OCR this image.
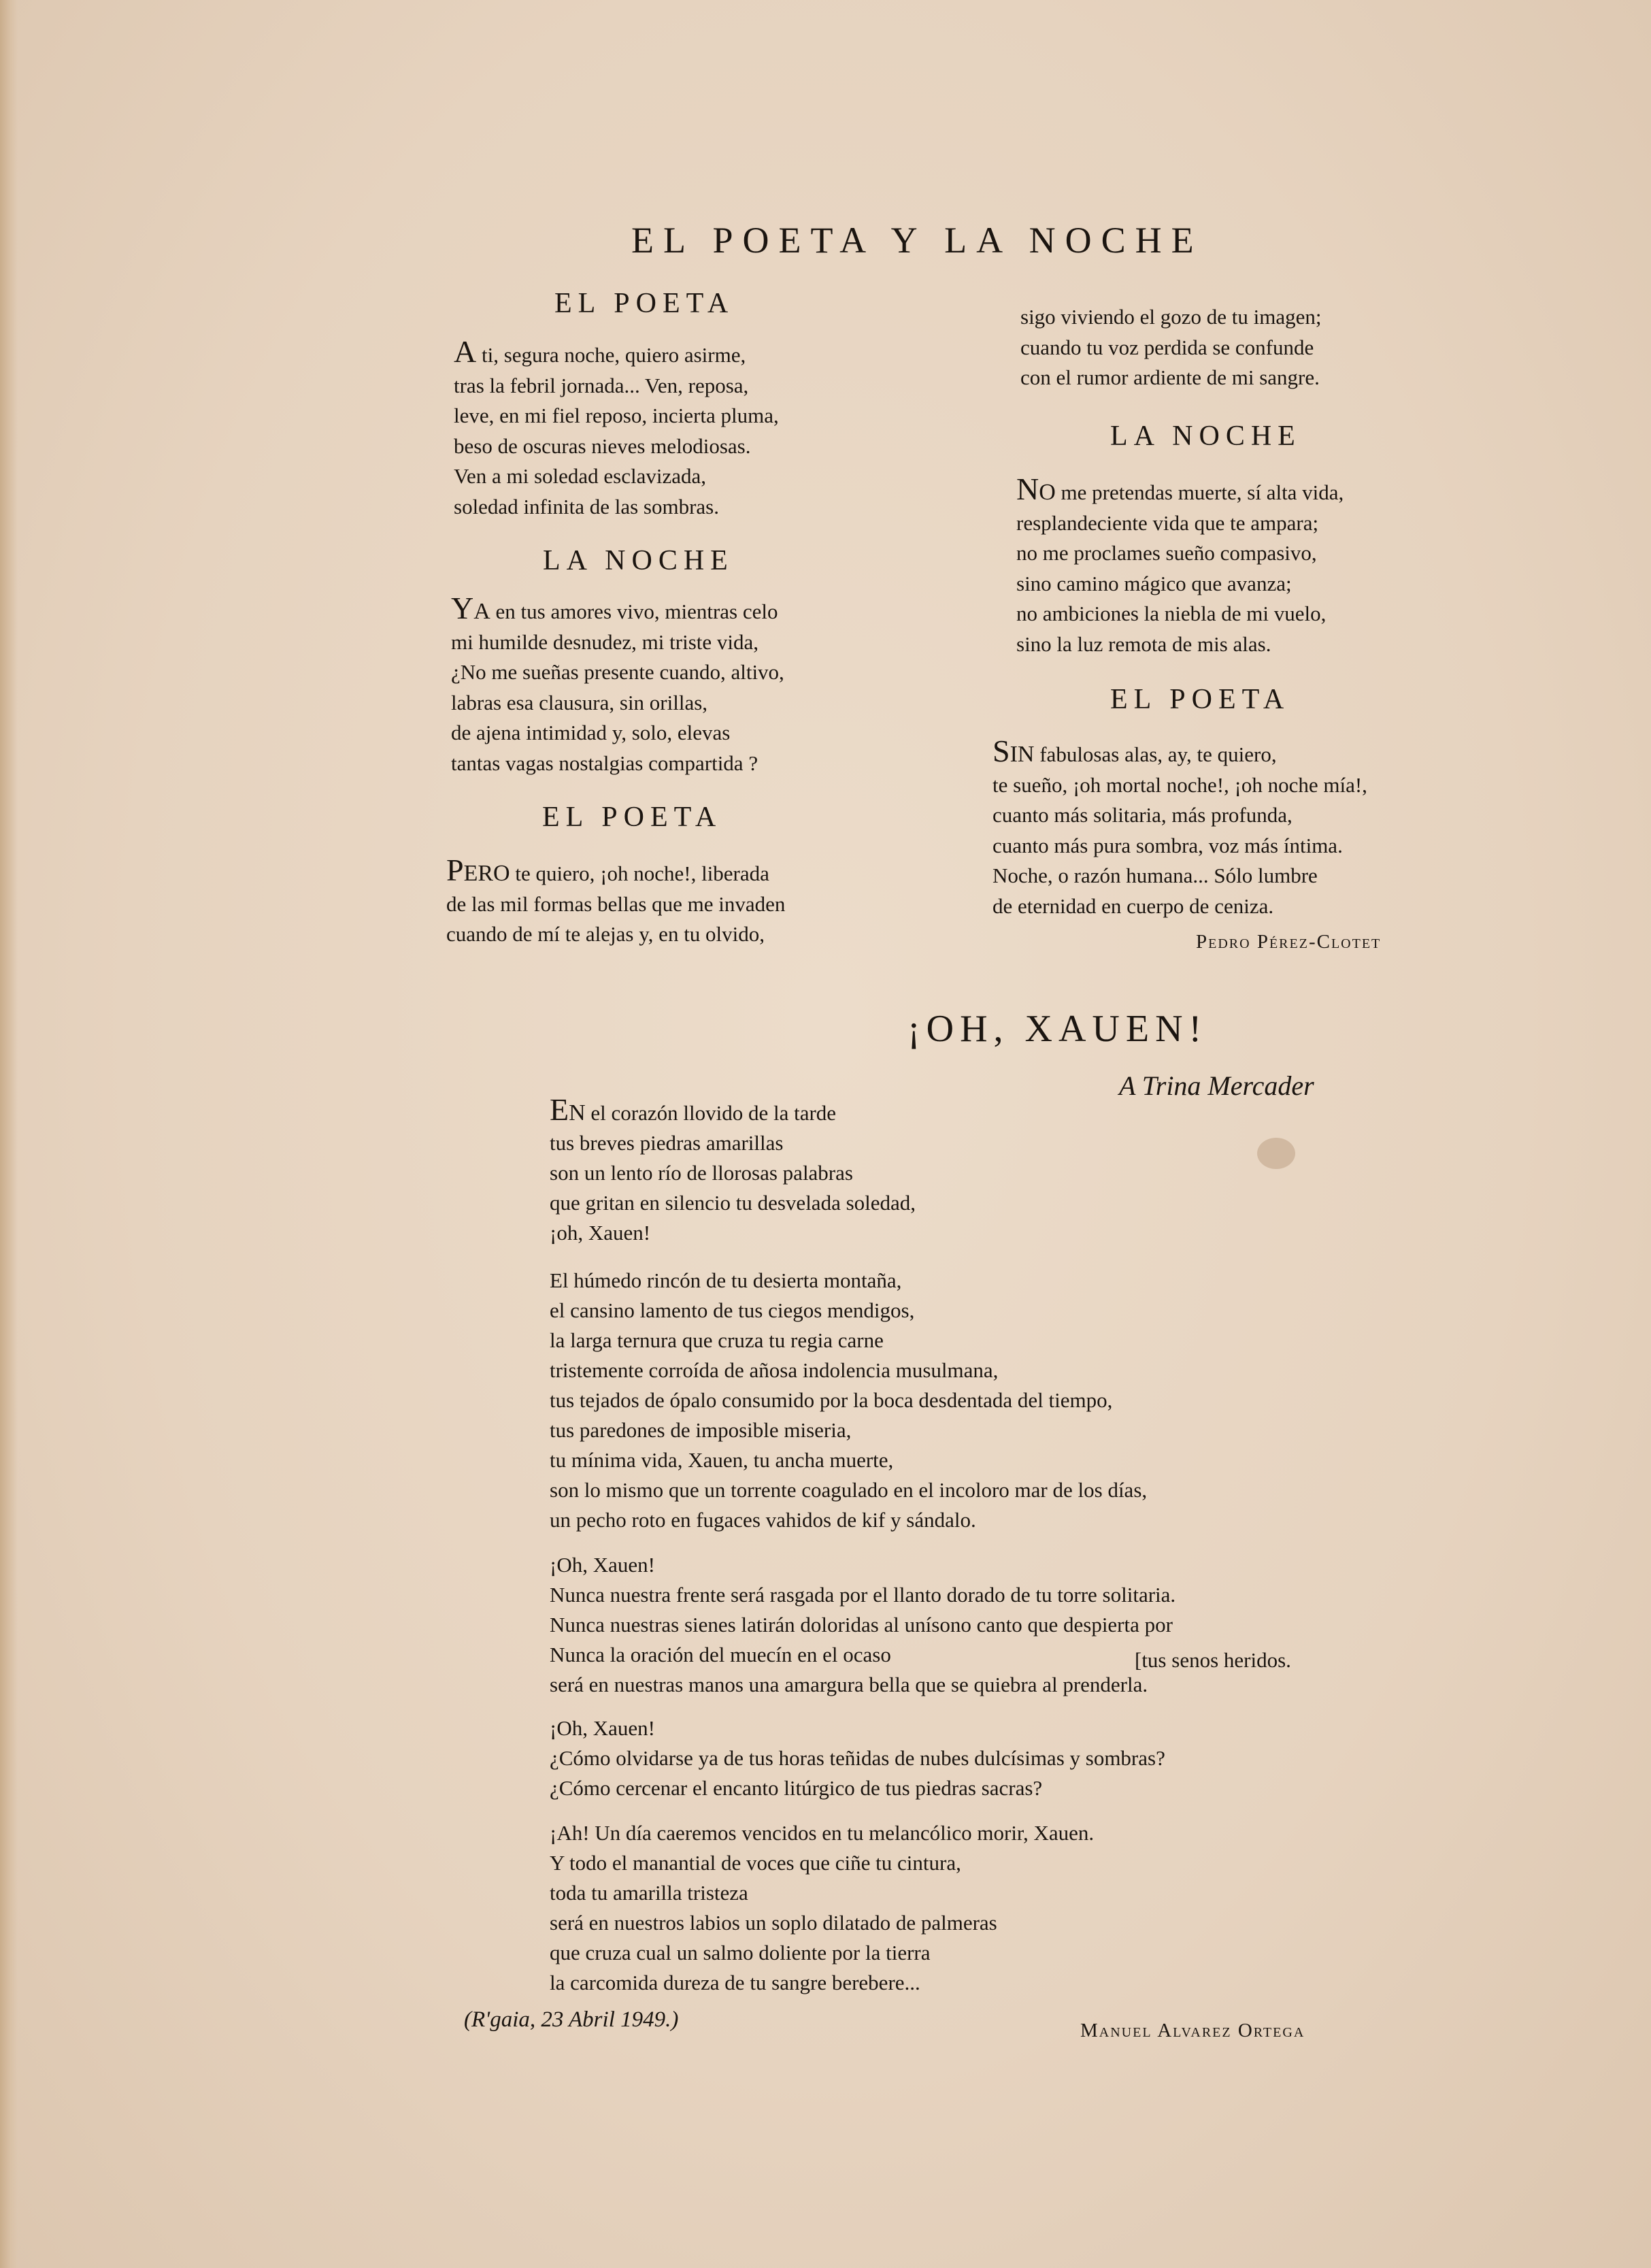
EL POETA Y LA NOCHE
EL POETA
A ti, segura noche, quiero asirme,
tras la febril jornada... Ven, reposa,
leve, en mi fiel reposo, incierta pluma,
beso de oscuras nieves melodiosas.
Ven a mi soledad esclavizada,
soledad infinita de las sombras.
LA NOCHE
YA en tus amores vivo, mientras celo
mi humilde desnudez, mi triste vida,
¿No me sueñas presente cuando, altivo,
labras esa clausura, sin orillas,
de ajena intimidad y, solo, elevas
tantas vagas nostalgias compartida ?
EL POETA
PERO te quiero, ¡oh noche!, liberada
de las mil formas bellas que me invaden
cuando de mí te alejas y, en tu olvido,
sigo viviendo el gozo de tu imagen;
cuando tu voz perdida se confunde
con el rumor ardiente de mi sangre.
LA NOCHE
NO me pretendas muerte, sí alta vida,
resplandeciente vida que te ampara;
no me proclames sueño compasivo,
sino camino mágico que avanza;
no ambiciones la niebla de mi vuelo,
sino la luz remota de mis alas.
EL POETA
SIN fabulosas alas, ay, te quiero,
te sueño, ¡oh mortal noche!, ¡oh noche mía!,
cuanto más solitaria, más profunda,
cuanto más pura sombra, voz más íntima.
Noche, o razón humana... Sólo lumbre
de eternidad en cuerpo de ceniza.
Pedro Pérez-Clotet
¡OH, XAUEN!
A Trina Mercader
EN el corazón llovido de la tarde
tus breves piedras amarillas
son un lento río de llorosas palabras
que gritan en silencio tu desvelada soledad,
¡oh, Xauen!
El húmedo rincón de tu desierta montaña,
el cansino lamento de tus ciegos mendigos,
la larga ternura que cruza tu regia carne
tristemente corroída de añosa indolencia musulmana,
tus tejados de ópalo consumido por la boca desdentada del tiempo,
tus paredones de imposible miseria,
tu mínima vida, Xauen, tu ancha muerte,
son lo mismo que un torrente coagulado en el incoloro mar de los días,
un pecho roto en fugaces vahidos de kif y sándalo.
¡Oh, Xauen!
Nunca nuestra frente será rasgada por el llanto dorado de tu torre solitaria.
Nunca nuestras sienes latirán doloridas al unísono canto que despierta por
Nunca la oración del muecín en el ocaso
será en nuestras manos una amargura bella que se quiebra al prenderla.
[tus senos heridos.
¡Oh, Xauen!
¿Cómo olvidarse ya de tus horas teñidas de nubes dulcísimas y sombras?
¿Cómo cercenar el encanto litúrgico de tus piedras sacras?
¡Ah! Un día caeremos vencidos en tu melancólico morir, Xauen.
Y todo el manantial de voces que ciñe tu cintura,
toda tu amarilla tristeza
será en nuestros labios un soplo dilatado de palmeras
que cruza cual un salmo doliente por la tierra
la carcomida dureza de tu sangre berebere...
(R'gaia, 23 Abril 1949.)	Manuel Alvarez Ortega
